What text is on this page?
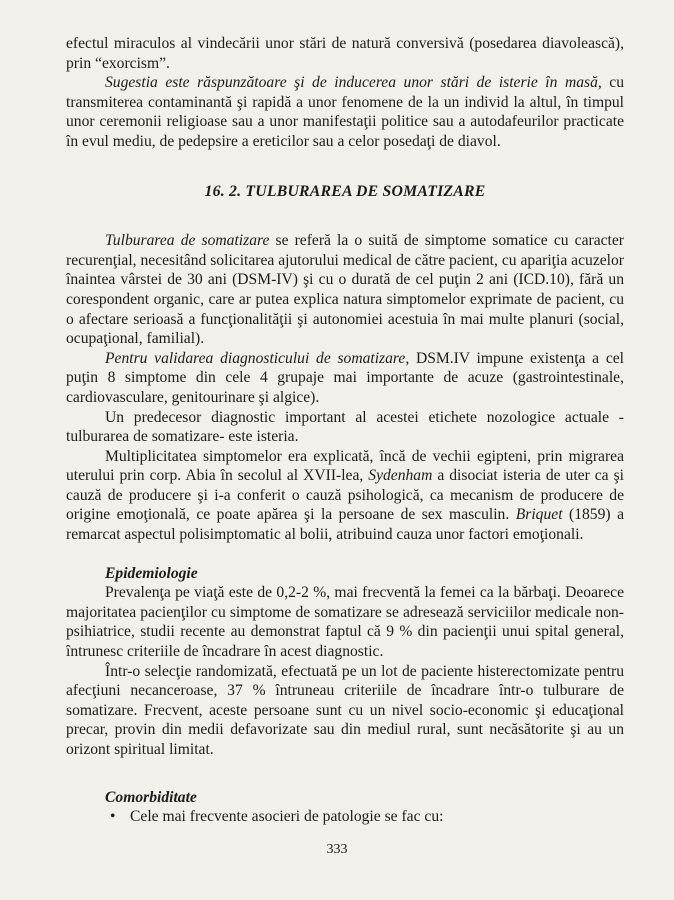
efectul miraculos al vindecării unor stări de natură conversivă (posedarea diavolească), prin “exorcism”.

Sugestia este răspunzătoare şi de inducerea unor stări de isterie în masă, cu transmiterea contaminantă şi rapidă a unor fenomene de la un individ la altul, în timpul unor ceremonii religioase sau a unor manifestaţii politice sau a autodafeurilor practicate în evul mediu, de pedepsire a ereticilor sau a celor posedaţi de diavol.

16. 2. TULBURAREA DE SOMATIZARE

Tulburarea de somatizare se referă la o suită de simptome somatice cu caracter recurenţial, necesitând solicitarea ajutorului medical de către pacient, cu apariţia acuzelor înaintea vârstei de 30 ani (DSM-IV) şi cu o durată de cel puţin 2 ani (ICD.10), fără un corespondent organic, care ar putea explica natura simptomelor exprimate de pacient, cu o afectare serioasă a funcţionalităţii şi autonomiei acestuia în mai multe planuri (social, ocupaţional, familial).

Pentru validarea diagnosticului de somatizare, DSM.IV impune existenţa a cel puţin 8 simptome din cele 4 grupaje mai importante de acuze (gastrointestinale, cardiovasculare, genitourinare şi algice).

Un predecesor diagnostic important al acestei etichete nozologice actuale - tulburarea de somatizare- este isteria.

Multiplicitatea simptomelor era explicată, încă de vechii egipteni, prin migrarea uterului prin corp. Abia în secolul al XVII-lea, Sydenham a disociat isteria de uter ca şi cauză de producere şi i-a conferit o cauză psihologică, ca mecanism de producere de origine emoţională, ce poate apărea şi la persoane de sex masculin. Briquet (1859) a remarcat aspectul polisimptomatic al bolii, atribuind cauza unor factori emoţionali.

Epidemiologie

Prevalenţa pe viaţă este de 0,2-2 %, mai frecventă la femei ca la bărbaţi. Deoarece majoritatea pacienţilor cu simptome de somatizare se adresează serviciilor medicale non-psihiatrice, studii recente au demonstrat faptul că 9 % din pacienţii unui spital general, întrunesc criteriile de încadrare în acest diagnostic.

Într-o selecţie randomizată, efectuată pe un lot de paciente histerectomizate pentru afecţiuni necanceroase, 37 % întruneau criteriile de încadrare într-o tulburare de somatizare. Frecvent, aceste persoane sunt cu un nivel socio-economic şi educaţional precar, provin din medii defavorizate sau din mediul rural, sunt necăsătorite şi au un orizont spiritual limitat.

Comorbiditate
• Cele mai frecvente asocieri de patologie se fac cu:
333
